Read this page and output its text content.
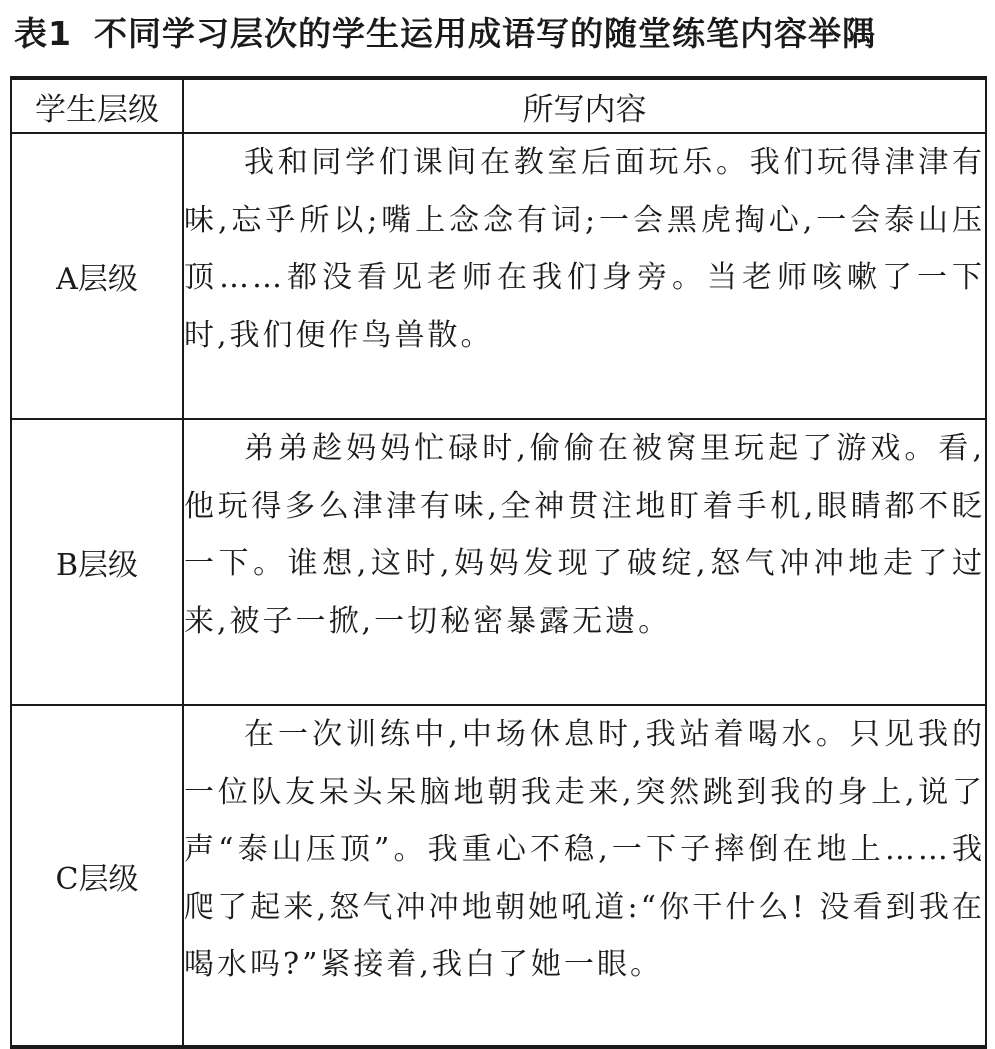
表1 不同学习层次的学生运用成语写的随堂练笔内容举隅
学生层级	所写内容
A层级	我和同学们课间在教室后面玩乐。我们玩得津津有味,忘乎所以;嘴上念念有词;一会黑虎掏心,一会泰山压顶……都没看见老师在我们身旁。当老师咳嗽了一下时,我们便作鸟兽散。
B层级	弟弟趁妈妈忙碌时,偷偷在被窝里玩起了游戏。看,他玩得多么津津有味,全神贯注地盯着手机,眼睛都不眨一下。谁想,这时,妈妈发现了破绽,怒气冲冲地走了过来,被子一掀,一切秘密暴露无遗。
C层级	在一次训练中,中场休息时,我站着喝水。只见我的一位队友呆头呆脑地朝我走来,突然跳到我的身上,说了声“泰山压顶”。我重心不稳,一下子摔倒在地上……我爬了起来,怒气冲冲地朝她吼道:“你干什么! 没看到我在喝水吗?”紧接着,我白了她一眼。
